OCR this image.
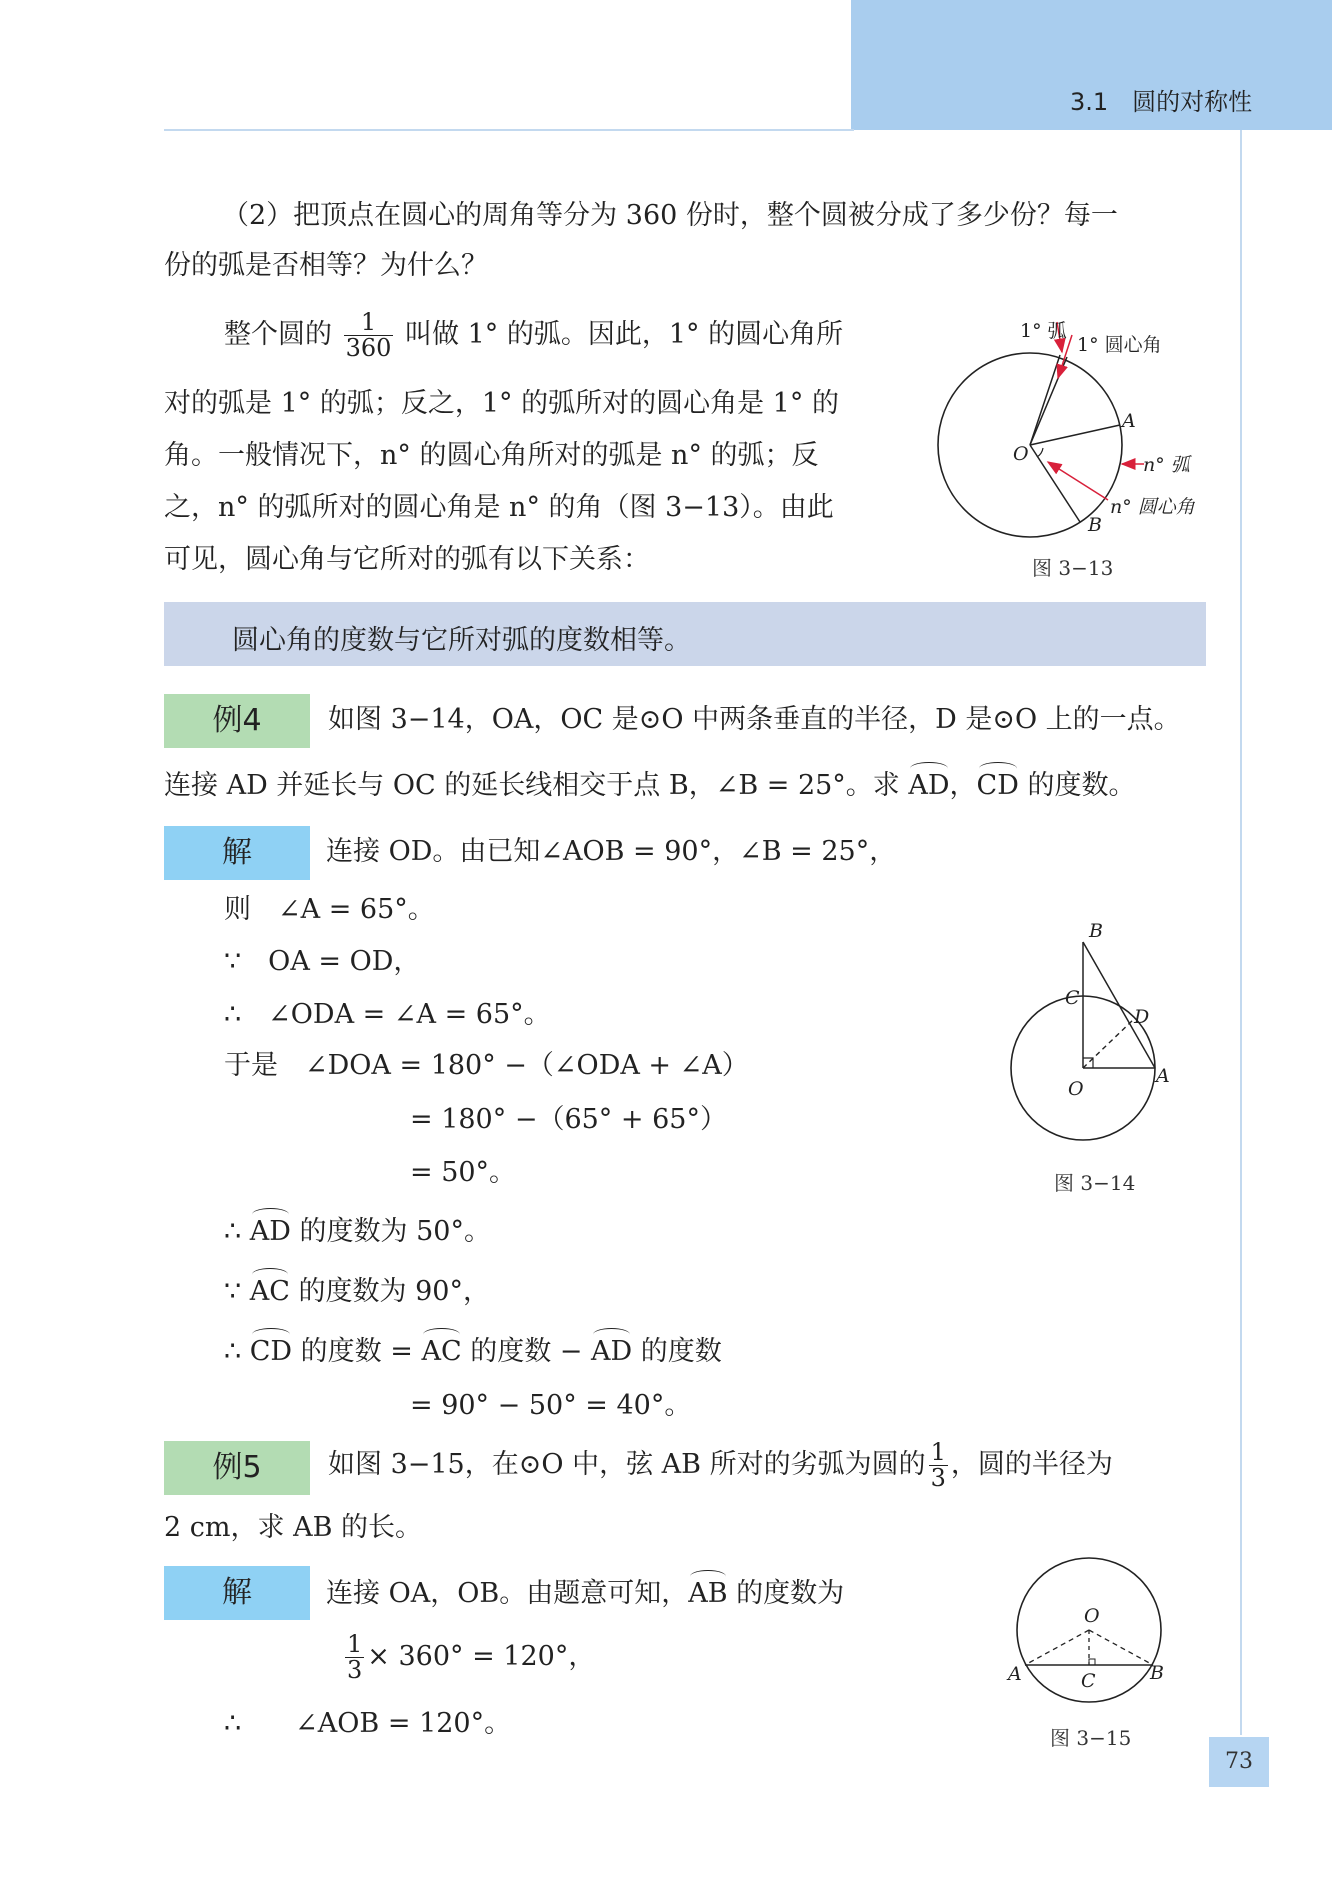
3.1 圆的对称性
（2）把顶点在圆心的周角等分为 360 份时，整个圆被分成了多少份？每一
份的弧是否相等？为什么？
整个圆的 $\frac{1}{360}$ 叫做 1° 的弧。因此，1° 的圆心角所
对的弧是 1° 的弧；反之，1° 的弧所对的圆心角是 1° 的
角。一般情况下，n° 的圆心角所对的弧是 n° 的弧；反
之，n° 的弧所对的圆心角是 n° 的角（图 3−13）。由此
可见，圆心角与它所对的弧有以下关系：
1° 弧
1° 圆心角
O
A
B
n° 弧
n° 圆心角
图 3−13
圆心角的度数与它所对弧的度数相等。
例4	如图 3−14，OA，OC 是⊙O 中两条垂直的半径，D 是⊙O 上的一点。
连接 AD 并延长与 OC 的延长线相交于点 B，∠B = 25°。求 AD，CD 的度数。
解	连接 OD。由已知∠AOB = 90°，∠B = 25°，
则 ∠A = 65°。
∵ OA = OD，
∴ ∠ODA = ∠A = 65°。
于是 ∠DOA = 180° −（∠ODA + ∠A）
= 180° −（65° + 65°）
= 50°。
∴ AD 的度数为 50°。
∵ AC 的度数为 90°，
∴ CD 的度数 = AC 的度数 − AD 的度数
= 90° − 50° = 40°。
B
C
D
O
A
图 3−14
例5	如图 3−15，在⊙O 中，弦 AB 所对的劣弧为圆的 $\frac{1}{3}$ ，圆的半径为
2 cm，求 AB 的长。
解	连接 OA，OB。由题意可知，AB 的度数为
$\frac{1}{3} \times 360^\circ = 120^\circ$，
∴  ∠AOB = 120°。
O
A	B
C
图 3−15
73
